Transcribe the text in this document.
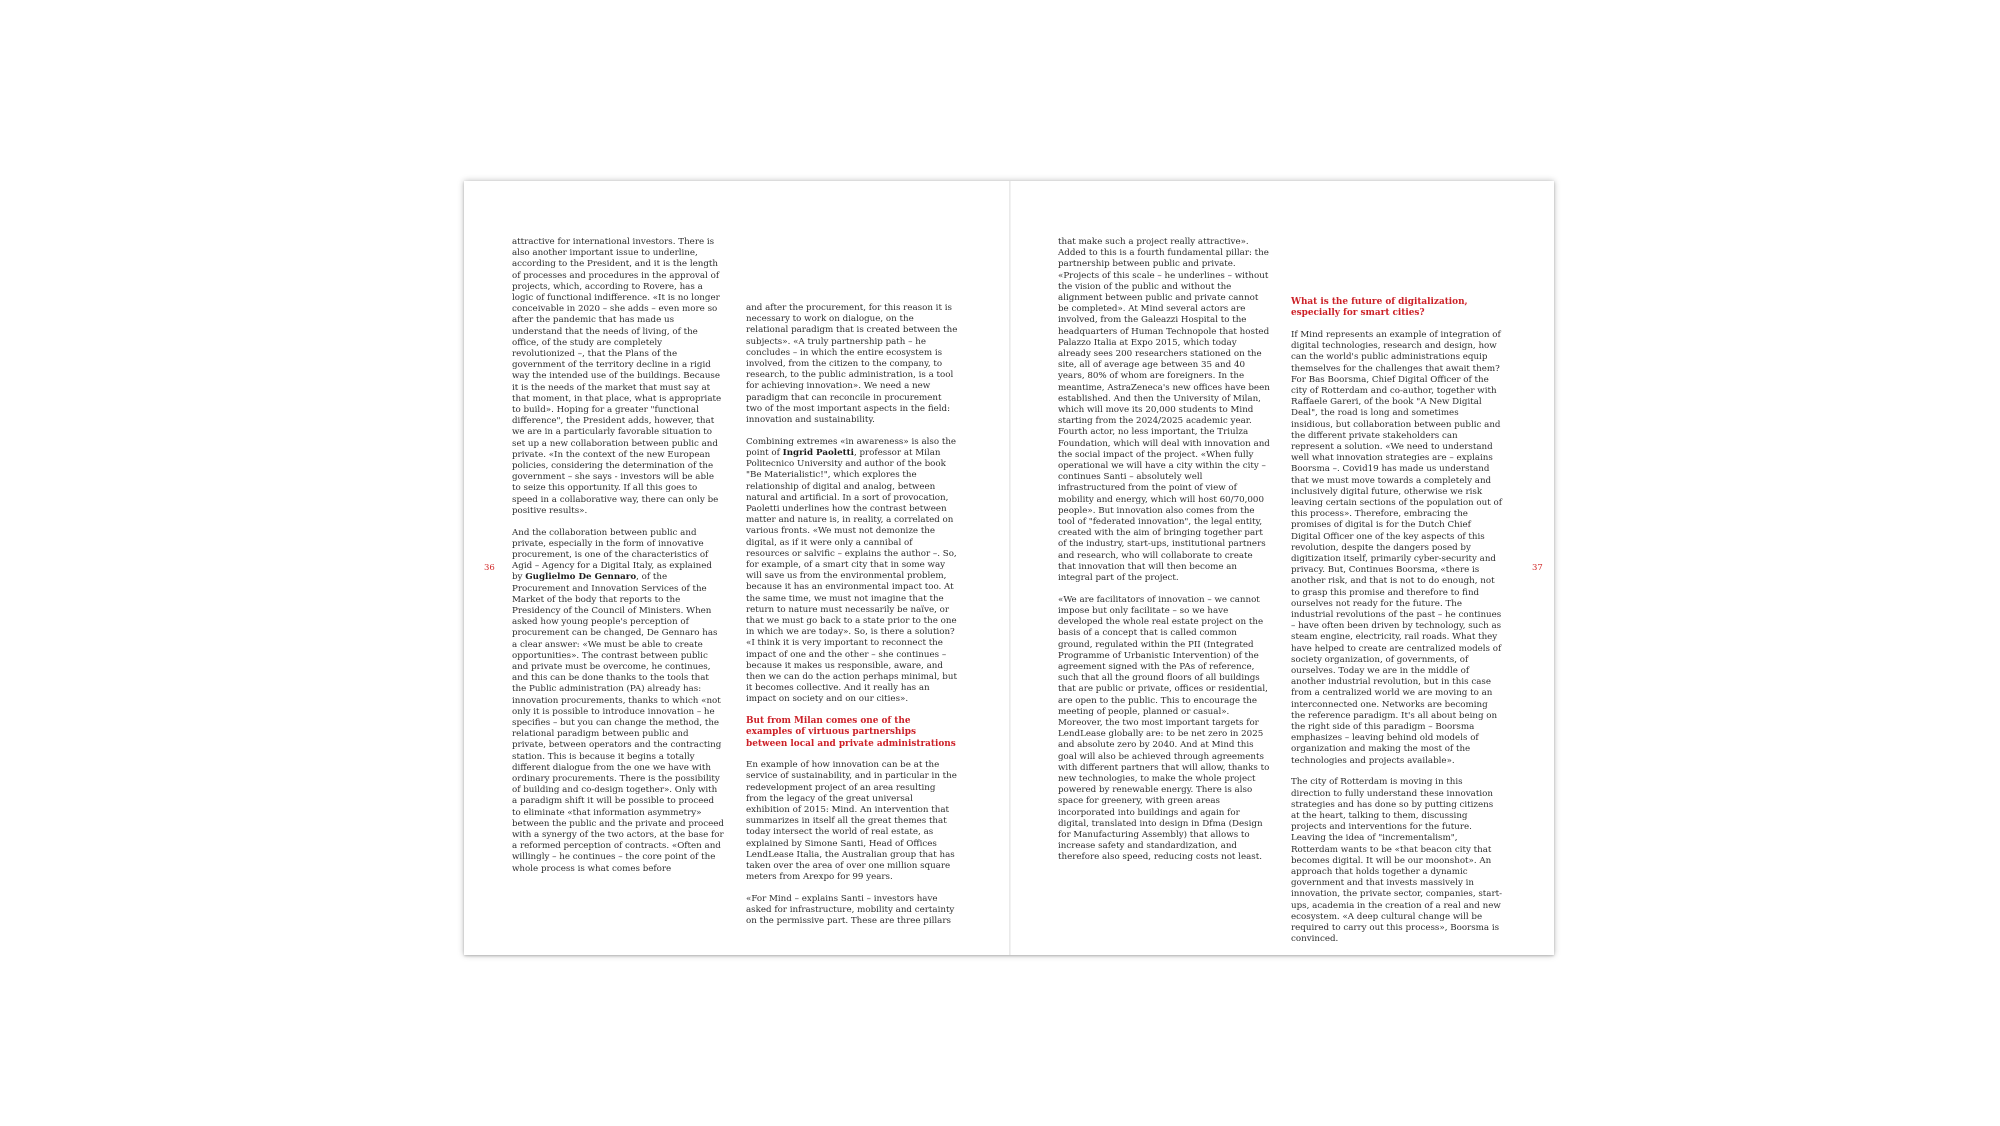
36	37

attractive for international investors. There is also another important issue to underline, according to the President, and it is the length of processes and procedures in the approval of projects, which, according to Rovere, has a logic of functional indifference. «It is no longer conceivable in 2020 – she adds – even more so after the pandemic that has made us understand that the needs of living, of the office, of the study are completely revolutionized –, that the Plans of the government of the territory decline in a rigid way the intended use of the buildings. Because it is the needs of the market that must say at that moment, in that place, what is appropriate to build». Hoping for a greater "functional difference", the President adds, however, that we are in a particularly favorable situation to set up a new collaboration between public and private. «In the context of the new European policies, considering the determination of the government – she says - investors will be able to seize this opportunity. If all this goes to speed in a collaborative way, there can only be positive results».

And the collaboration between public and private, especially in the form of innovative procurement, is one of the characteristics of Agid – Agency for a Digital Italy, as explained by Guglielmo De Gennaro, of the Procurement and Innovation Services of the Market of the body that reports to the Presidency of the Council of Ministers. When asked how young people's perception of procurement can be changed, De Gennaro has a clear answer: «We must be able to create opportunities». The contrast between public and private must be overcome, he continues, and this can be done thanks to the tools that the Public administration (PA) already has: innovation procurements, thanks to which «not only it is possible to introduce innovation – he specifies – but you can change the method, the relational paradigm between public and private, between operators and the contracting station. This is because it begins a totally different dialogue from the one we have with ordinary procurements. There is the possibility of building and co-design together». Only with a paradigm shift it will be possible to proceed to eliminate «that information asymmetry» between the public and the private and proceed with a synergy of the two actors, at the base for a reformed perception of contracts. «Often and willingly – he continues – the core point of the whole process is what comes before

and after the procurement, for this reason it is necessary to work on dialogue, on the relational paradigm that is created between the subjects». «A truly partnership path – he concludes – in which the entire ecosystem is involved, from the citizen to the company, to research, to the public administration, is a tool for achieving innovation». We need a new paradigm that can reconcile in procurement two of the most important aspects in the field: innovation and sustainability.

Combining extremes «in awareness» is also the point of Ingrid Paoletti, professor at Milan Politecnico University and author of the book "Be Materialistic!", which explores the relationship of digital and analog, between natural and artificial. In a sort of provocation, Paoletti underlines how the contrast between matter and nature is, in reality, a correlated on various fronts. «We must not demonize the digital, as if it were only a cannibal of resources or salvific – explains the author –. So, for example, of a smart city that in some way will save us from the environmental problem, because it has an environmental impact too. At the same time, we must not imagine that the return to nature must necessarily be naïve, or that we must go back to a state prior to the one in which we are today». So, is there a solution? «I think it is very important to reconnect the impact of one and the other – she continues – because it makes us responsible, aware, and then we can do the action perhaps minimal, but it becomes collective. And it really has an impact on society and on our cities».

But from Milan comes one of the examples of virtuous partnerships between local and private administrations

En example of how innovation can be at the service of sustainability, and in particular in the redevelopment project of an area resulting from the legacy of the great universal exhibition of 2015: Mind. An intervention that summarizes in itself all the great themes that today intersect the world of real estate, as explained by Simone Santi, Head of Offices LendLease Italia, the Australian group that has taken over the area of over one million square meters from Arexpo for 99 years.

«For Mind – explains Santi – investors have asked for infrastructure, mobility and certainty on the permissive part. These are three pillars

that make such a project really attractive». Added to this is a fourth fundamental pillar: the partnership between public and private. «Projects of this scale – he underlines – without the vision of the public and without the alignment between public and private cannot be completed». At Mind several actors are involved, from the Galeazzi Hospital to the headquarters of Human Technopole that hosted Palazzo Italia at Expo 2015, which today already sees 200 researchers stationed on the site, all of average age between 35 and 40 years, 80% of whom are foreigners. In the meantime, AstraZeneca's new offices have been established. And then the University of Milan, which will move its 20,000 students to Mind starting from the 2024/2025 academic year. Fourth actor, no less important, the Triulza Foundation, which will deal with innovation and the social impact of the project. «When fully operational we will have a city within the city – continues Santi – absolutely well infrastructured from the point of view of mobility and energy, which will host 60/70,000 people». But innovation also comes from the tool of "federated innovation", the legal entity, created with the aim of bringing together part of the industry, start-ups, institutional partners and research, who will collaborate to create that innovation that will then become an integral part of the project.

«We are facilitators of innovation – we cannot impose but only facilitate – so we have developed the whole real estate project on the basis of a concept that is called common ground, regulated within the PII (Integrated Programme of Urbanistic Intervention) of the agreement signed with the PAs of reference, such that all the ground floors of all buildings that are public or private, offices or residential, are open to the public. This to encourage the meeting of people, planned or casual». Moreover, the two most important targets for LendLease globally are: to be net zero in 2025 and absolute zero by 2040. And at Mind this goal will also be achieved through agreements with different partners that will allow, thanks to new technologies, to make the whole project powered by renewable energy. There is also space for greenery, with green areas incorporated into buildings and again for digital, translated into design in Dfma (Design for Manufacturing Assembly) that allows to increase safety and standardization, and therefore also speed, reducing costs not least.

What is the future of digitalization, especially for smart cities?

If Mind represents an example of integration of digital technologies, research and design, how can the world's public administrations equip themselves for the challenges that await them? For Bas Boorsma, Chief Digital Officer of the city of Rotterdam and co-author, together with Raffaele Gareri, of the book "A New Digital Deal", the road is long and sometimes insidious, but collaboration between public and the different private stakeholders can represent a solution. «We need to understand well what innovation strategies are – explains Boorsma –. Covid19 has made us understand that we must move towards a completely and inclusively digital future, otherwise we risk leaving certain sections of the population out of this process». Therefore, embracing the promises of digital is for the Dutch Chief Digital Officer one of the key aspects of this revolution, despite the dangers posed by digitization itself, primarily cyber-security and privacy. But, Continues Boorsma, «there is another risk, and that is not to do enough, not to grasp this promise and therefore to find ourselves not ready for the future. The industrial revolutions of the past – he continues – have often been driven by technology, such as steam engine, electricity, rail roads. What they have helped to create are centralized models of society organization, of governments, of ourselves. Today we are in the middle of another industrial revolution, but in this case from a centralized world we are moving to an interconnected one. Networks are becoming the reference paradigm. It's all about being on the right side of this paradigm – Boorsma emphasizes – leaving behind old models of organization and making the most of the technologies and projects available».

The city of Rotterdam is moving in this direction to fully understand these innovation strategies and has done so by putting citizens at the heart, talking to them, discussing projects and interventions for the future. Leaving the idea of "incrementalism", Rotterdam wants to be «that beacon city that becomes digital. It will be our moonshot». An approach that holds together a dynamic government and that invests massively in innovation, the private sector, companies, start-ups, academia in the creation of a real and new ecosystem. «A deep cultural change will be required to carry out this process», Boorsma is convinced.
